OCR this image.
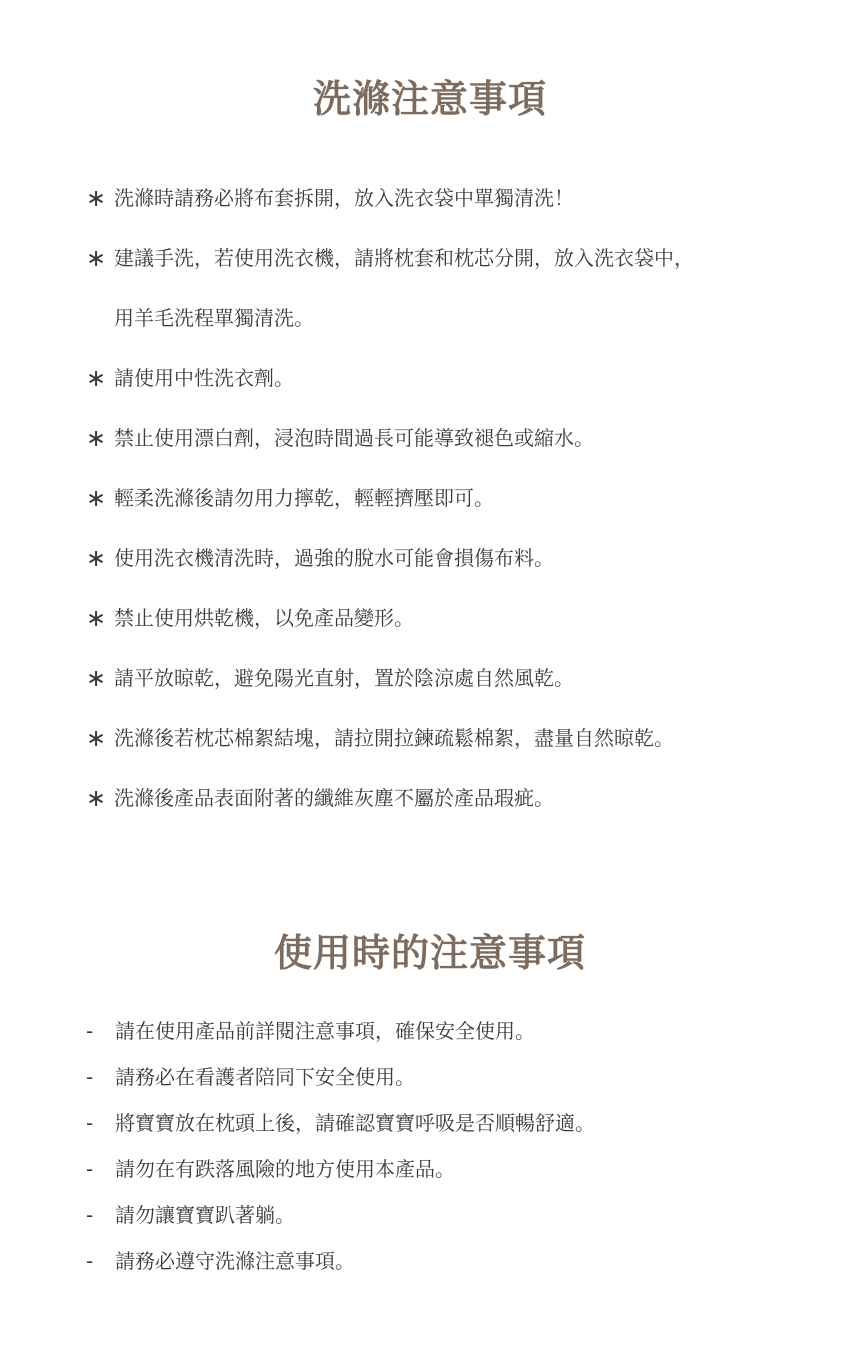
洗滌注意事項
∗ 洗滌時請務必將布套拆開，放入洗衣袋中單獨清洗！
∗ 建議手洗，若使用洗衣機，請將枕套和枕芯分開，放入洗衣袋中，
用羊毛洗程單獨清洗。
∗ 請使用中性洗衣劑。
∗ 禁止使用漂白劑，浸泡時間過長可能導致褪色或縮水。
∗ 輕柔洗滌後請勿用力擰乾，輕輕擠壓即可。
∗ 使用洗衣機清洗時，過強的脫水可能會損傷布料。
∗ 禁止使用烘乾機，以免產品變形。
∗ 請平放晾乾，避免陽光直射，置於陰涼處自然風乾。
∗ 洗滌後若枕芯棉絮結塊，請拉開拉鍊疏鬆棉絮，盡量自然晾乾。
∗ 洗滌後產品表面附著的纖維灰塵不屬於產品瑕疵。
使用時的注意事項
-	請在使用產品前詳閱注意事項，確保安全使用。
-	請務必在看護者陪同下安全使用。
-	將寶寶放在枕頭上後，請確認寶寶呼吸是否順暢舒適。
-	請勿在有跌落風險的地方使用本產品。
-	請勿讓寶寶趴著躺。
-	請務必遵守洗滌注意事項。
